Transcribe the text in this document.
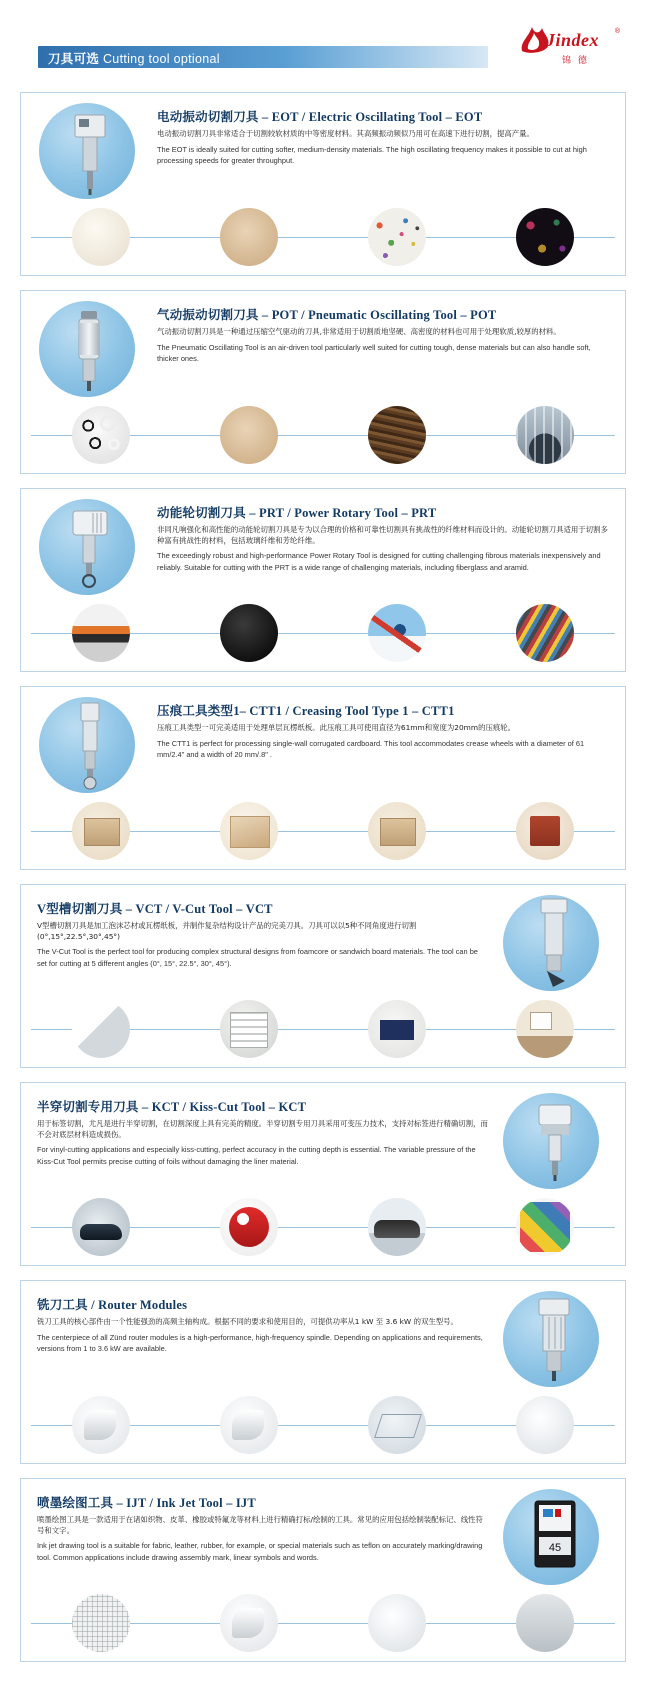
刀具可选 Cutting tool optional
Jindex
锦 德
®
电动振动切割刀具 – EOT / Electric Oscillating Tool – EOT
电动振动切割刀具非常适合于切割较软材质的中等密度材料。其高频振动频似乃用可在高速下进行切割，提高产量。
The EOT is ideally suited for cutting softer, medium-density materials. The high oscillating frequency makes it possible to cut at high processing speeds for greater throughput.
气动振动切割刀具 – POT / Pneumatic Oscillating Tool – POT
气动振动切割刀具是一种通过压缩空气驱动的刀具,非常适用于切割质地坚硬、高密度的材料也可用于处理软质,较厚的材料。
The Pneumatic Oscillating Tool is an air-driven tool particularly well suited for cutting tough, dense materials but can also handle soft, thicker ones.
动能轮切割刀具 – PRT / Power Rotary Tool – PRT
非同凡响强化和高性能的动能轮切割刀具是专为以合理的价格和可靠性切割具有挑战性的纤维材料而设计的。动能轮切割刀具适用于切割多种富有挑战性的材料，包括玻璃纤维和芳纶纤维。
The exceedingly robust and high-performance Power Rotary Tool is designed for cutting challenging fibrous materials inexpensively and reliably. Suitable for cutting with the PRT is a wide range of challenging materials, including fiberglass and aramid.
压痕工具类型1– CTT1 / Creasing Tool Type 1 – CTT1
压痕工具类型一可完美适用于处理单层瓦楞纸板。此压痕工具可使用直径为61mm和宽度为20mm的压痕轮。
The CTT1 is perfect for processing single-wall corrugated cardboard. This tool accommodates crease wheels with a diameter of 61 mm/2.4" and a width of 20 mm/.8" .
V型槽切割刀具 – VCT / V-Cut Tool – VCT
V型槽切割刀具是加工泡沫芯材或瓦楞纸板，并制作复杂结构设计产品的完美刀具。刀具可以以5种不同角度进行切割(0°,15°,22.5°,30°,45°)
The V-Cut Tool is the perfect tool for producing complex structural designs from foamcore or sandwich board materials. The tool can be set for cutting at 5 different angles (0°, 15°, 22.5°, 30°, 45°).
半穿切割专用刀具 – KCT / Kiss-Cut Tool – KCT
用于标签切割，尤凡是进行半穿切割，在切割深度上具有完美的精度。半穿切割专用刀具采用可变压力技术，支持对标签进行精确切割，而不会对底层材料造成损伤。
For vinyl-cutting applications and especially kiss-cutting, perfect accuracy in the cutting depth is essential. The variable pressure of the Kiss-Cut Tool permits precise cutting of foils without damaging the liner material.
铣刀工具 / Router Modules
铣刀工具的核心部件由一个性能强劲的高频主轴构成。根据不同的要求和使用目的，可提供功率从1 kW 至 3.6 kW 的双生型号。
The centerpiece of all Zünd router modules is a high-performance, high-frequency spindle. Depending on applications and requirements, versions from 1 to 3.6 kW are available.
45
喷墨绘图工具 – IJT / Ink Jet Tool – IJT
喷墨绘图工具是一款适用于在诸如织物、皮革、橡胶或特氟龙等材料上进行精确打标/绘制的工具。常见的应用包括绘制装配标记、线性符号和文字。
Ink jet drawing tool is a suitable for fabric, leather, rubber, for example, or special materials such as teflon on accurately marking/drawing tool. Common applications include drawing assembly mark, linear symbols and words.
